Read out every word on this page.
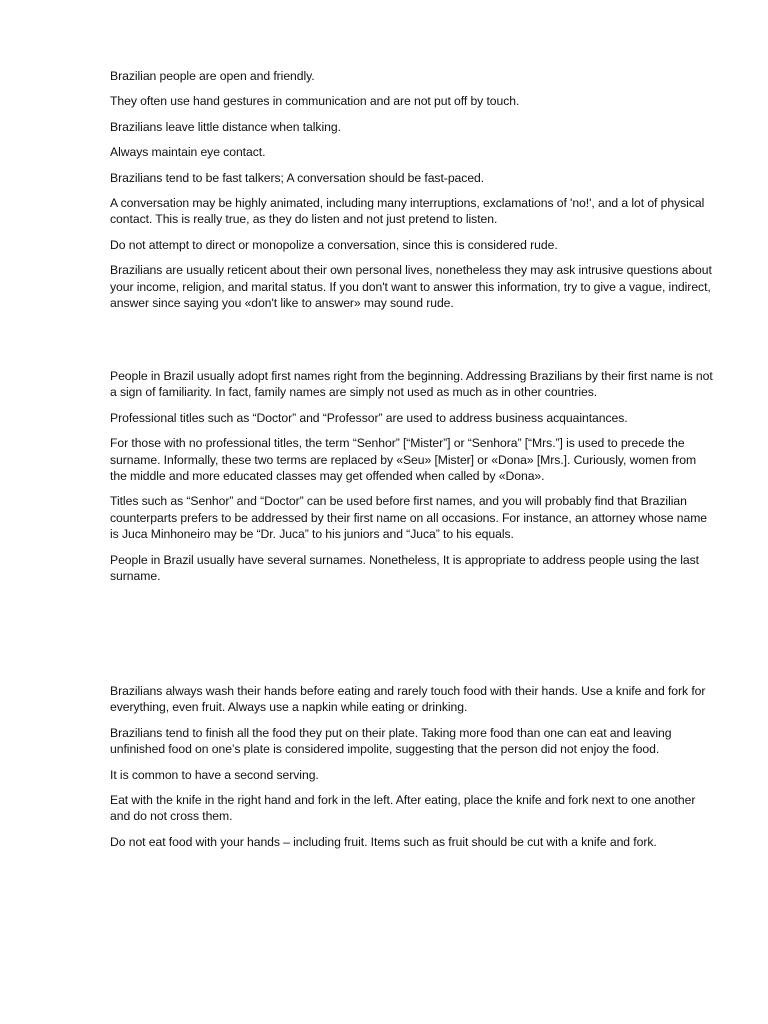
Brazilian people are open and friendly.

They often use hand gestures in communication and are not put off by touch.

Brazilians leave little distance when talking.

Always maintain eye contact.

Brazilians tend to be fast talkers; A conversation should be fast-paced.

A conversation may be highly animated, including many interruptions, exclamations of 'no!', and a lot of physical contact. This is really true, as they do listen and not just pretend to listen.

Do not attempt to direct or monopolize a conversation, since this is considered rude.

Brazilians are usually reticent about their own personal lives, nonetheless they may ask intrusive questions about your income, religion, and marital status. If you don't want to answer this information, try to give a vague, indirect, answer since saying you «don't like to answer» may sound rude.

People in Brazil usually adopt first names right from the beginning. Addressing Brazilians by their first name is not a sign of familiarity. In fact, family names are simply not used as much as in other countries.

Professional titles such as “Doctor” and “Professor” are used to address business acquaintances.

For those with no professional titles, the term “Senhor” [“Mister”] or “Senhora” [“Mrs.”] is used to precede the surname. Informally, these two terms are replaced by «Seu» [Mister] or «Dona» [Mrs.]. Curiously, women from the middle and more educated classes may get offended when called by «Dona».

Titles such as “Senhor” and “Doctor” can be used before first names, and you will probably find that Brazilian counterparts prefers to be addressed by their first name on all occasions. For instance, an attorney whose name is Juca Minhoneiro may be “Dr. Juca” to his juniors and “Juca” to his equals.

People in Brazil usually have several surnames. Nonetheless, It is appropriate to address people using the last surname.

Brazilians always wash their hands before eating and rarely touch food with their hands. Use a knife and fork for everything, even fruit. Always use a napkin while eating or drinking.

Brazilians tend to finish all the food they put on their plate. Taking more food than one can eat and leaving unfinished food on one’s plate is considered impolite, suggesting that the person did not enjoy the food.

It is common to have a second serving.

Eat with the knife in the right hand and fork in the left. After eating, place the knife and fork next to one another and do not cross them.

Do not eat food with your hands – including fruit. Items such as fruit should be cut with a knife and fork.
